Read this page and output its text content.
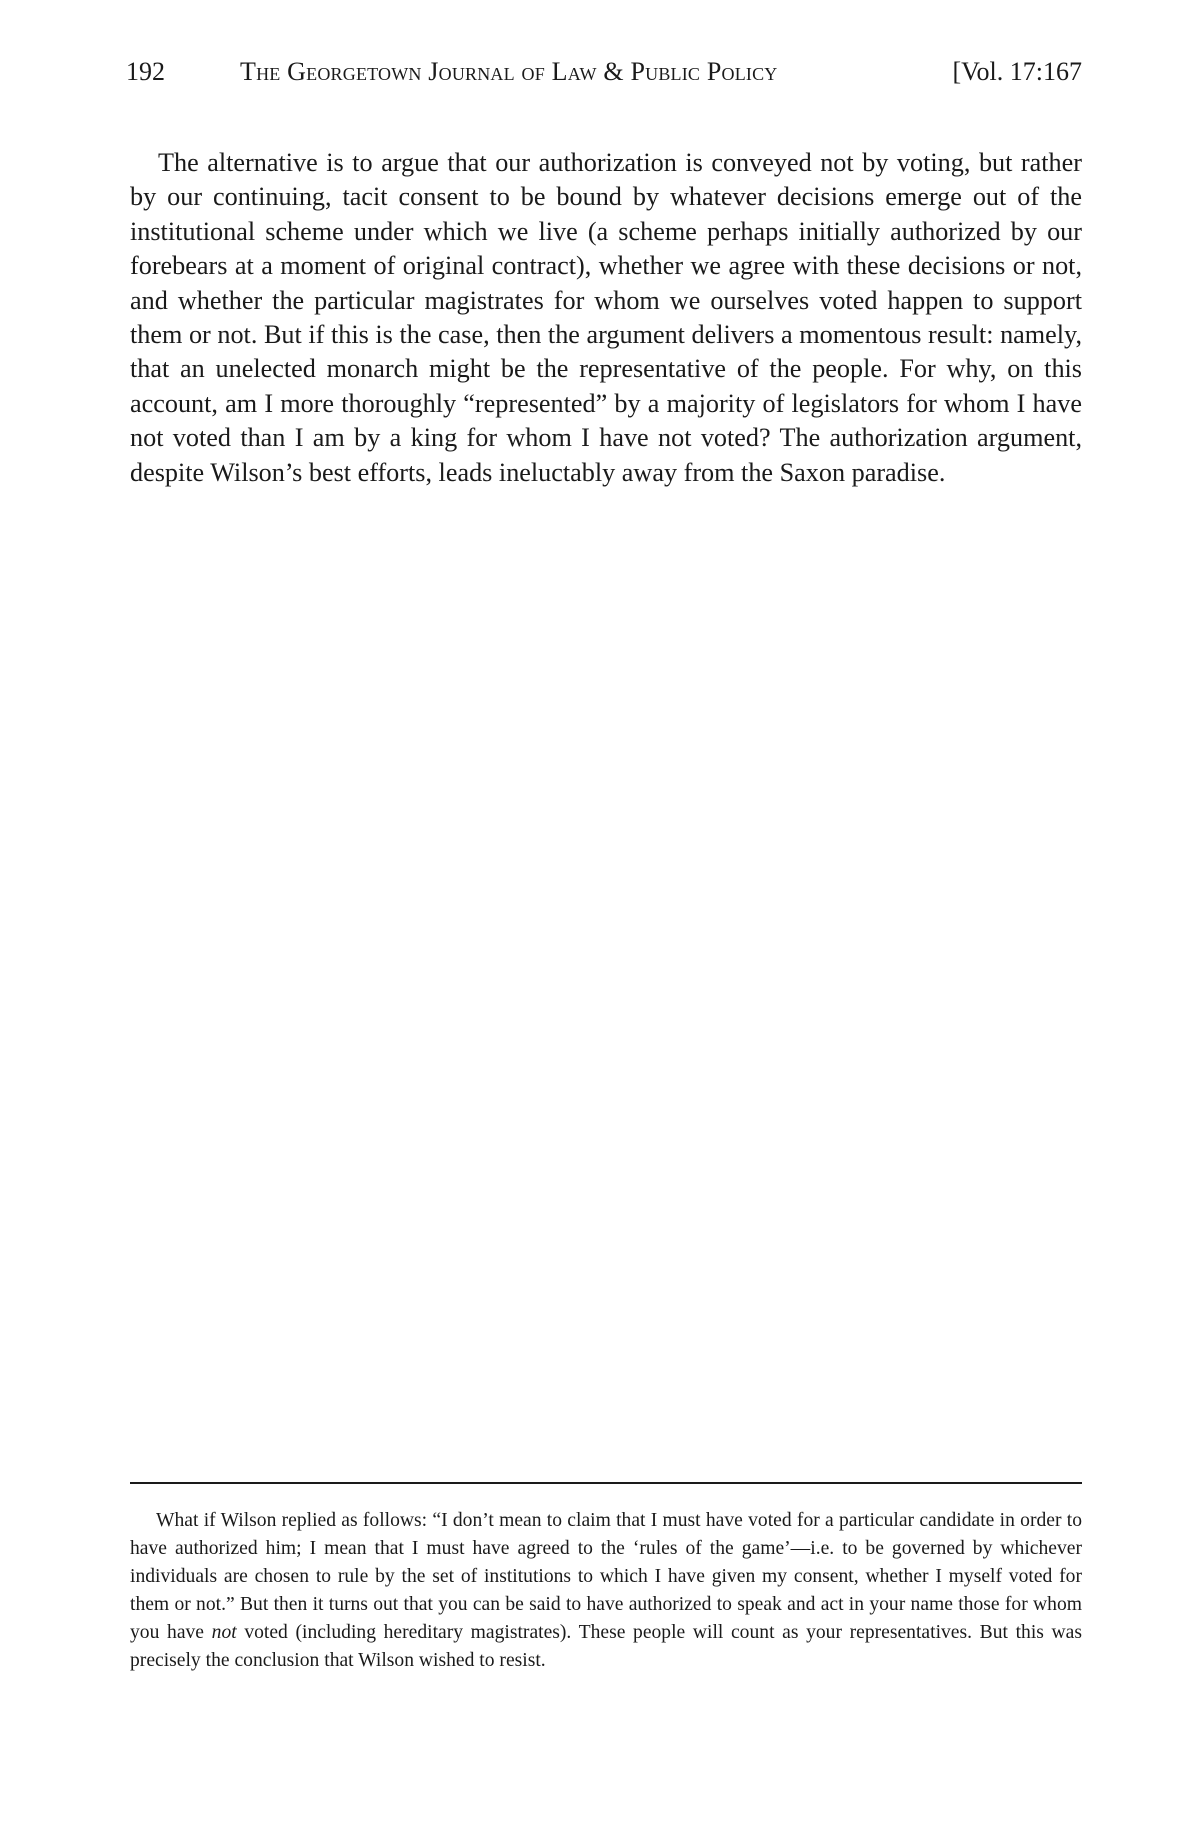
192	The Georgetown Journal of Law & Public Policy	[Vol. 17:167

The alternative is to argue that our authorization is conveyed not by voting, but rather by our continuing, tacit consent to be bound by whatever decisions emerge out of the institutional scheme under which we live (a scheme perhaps initially authorized by our forebears at a moment of original contract), whether we agree with these decisions or not, and whether the particular magistrates for whom we ourselves voted happen to support them or not. But if this is the case, then the argument delivers a momentous result: namely, that an unelected monarch might be the representative of the people. For why, on this account, am I more thoroughly “represented” by a majority of legislators for whom I have not voted than I am by a king for whom I have not voted? The authorization argument, despite Wilson’s best efforts, leads ineluctably away from the Saxon paradise.

What if Wilson replied as follows: “I don’t mean to claim that I must have voted for a particular candidate in order to have authorized him; I mean that I must have agreed to the ‘rules of the game’—i.e. to be governed by whichever individuals are chosen to rule by the set of institutions to which I have given my consent, whether I myself voted for them or not.” But then it turns out that you can be said to have authorized to speak and act in your name those for whom you have not voted (including hereditary magistrates). These people will count as your representatives. But this was precisely the conclusion that Wilson wished to resist.
